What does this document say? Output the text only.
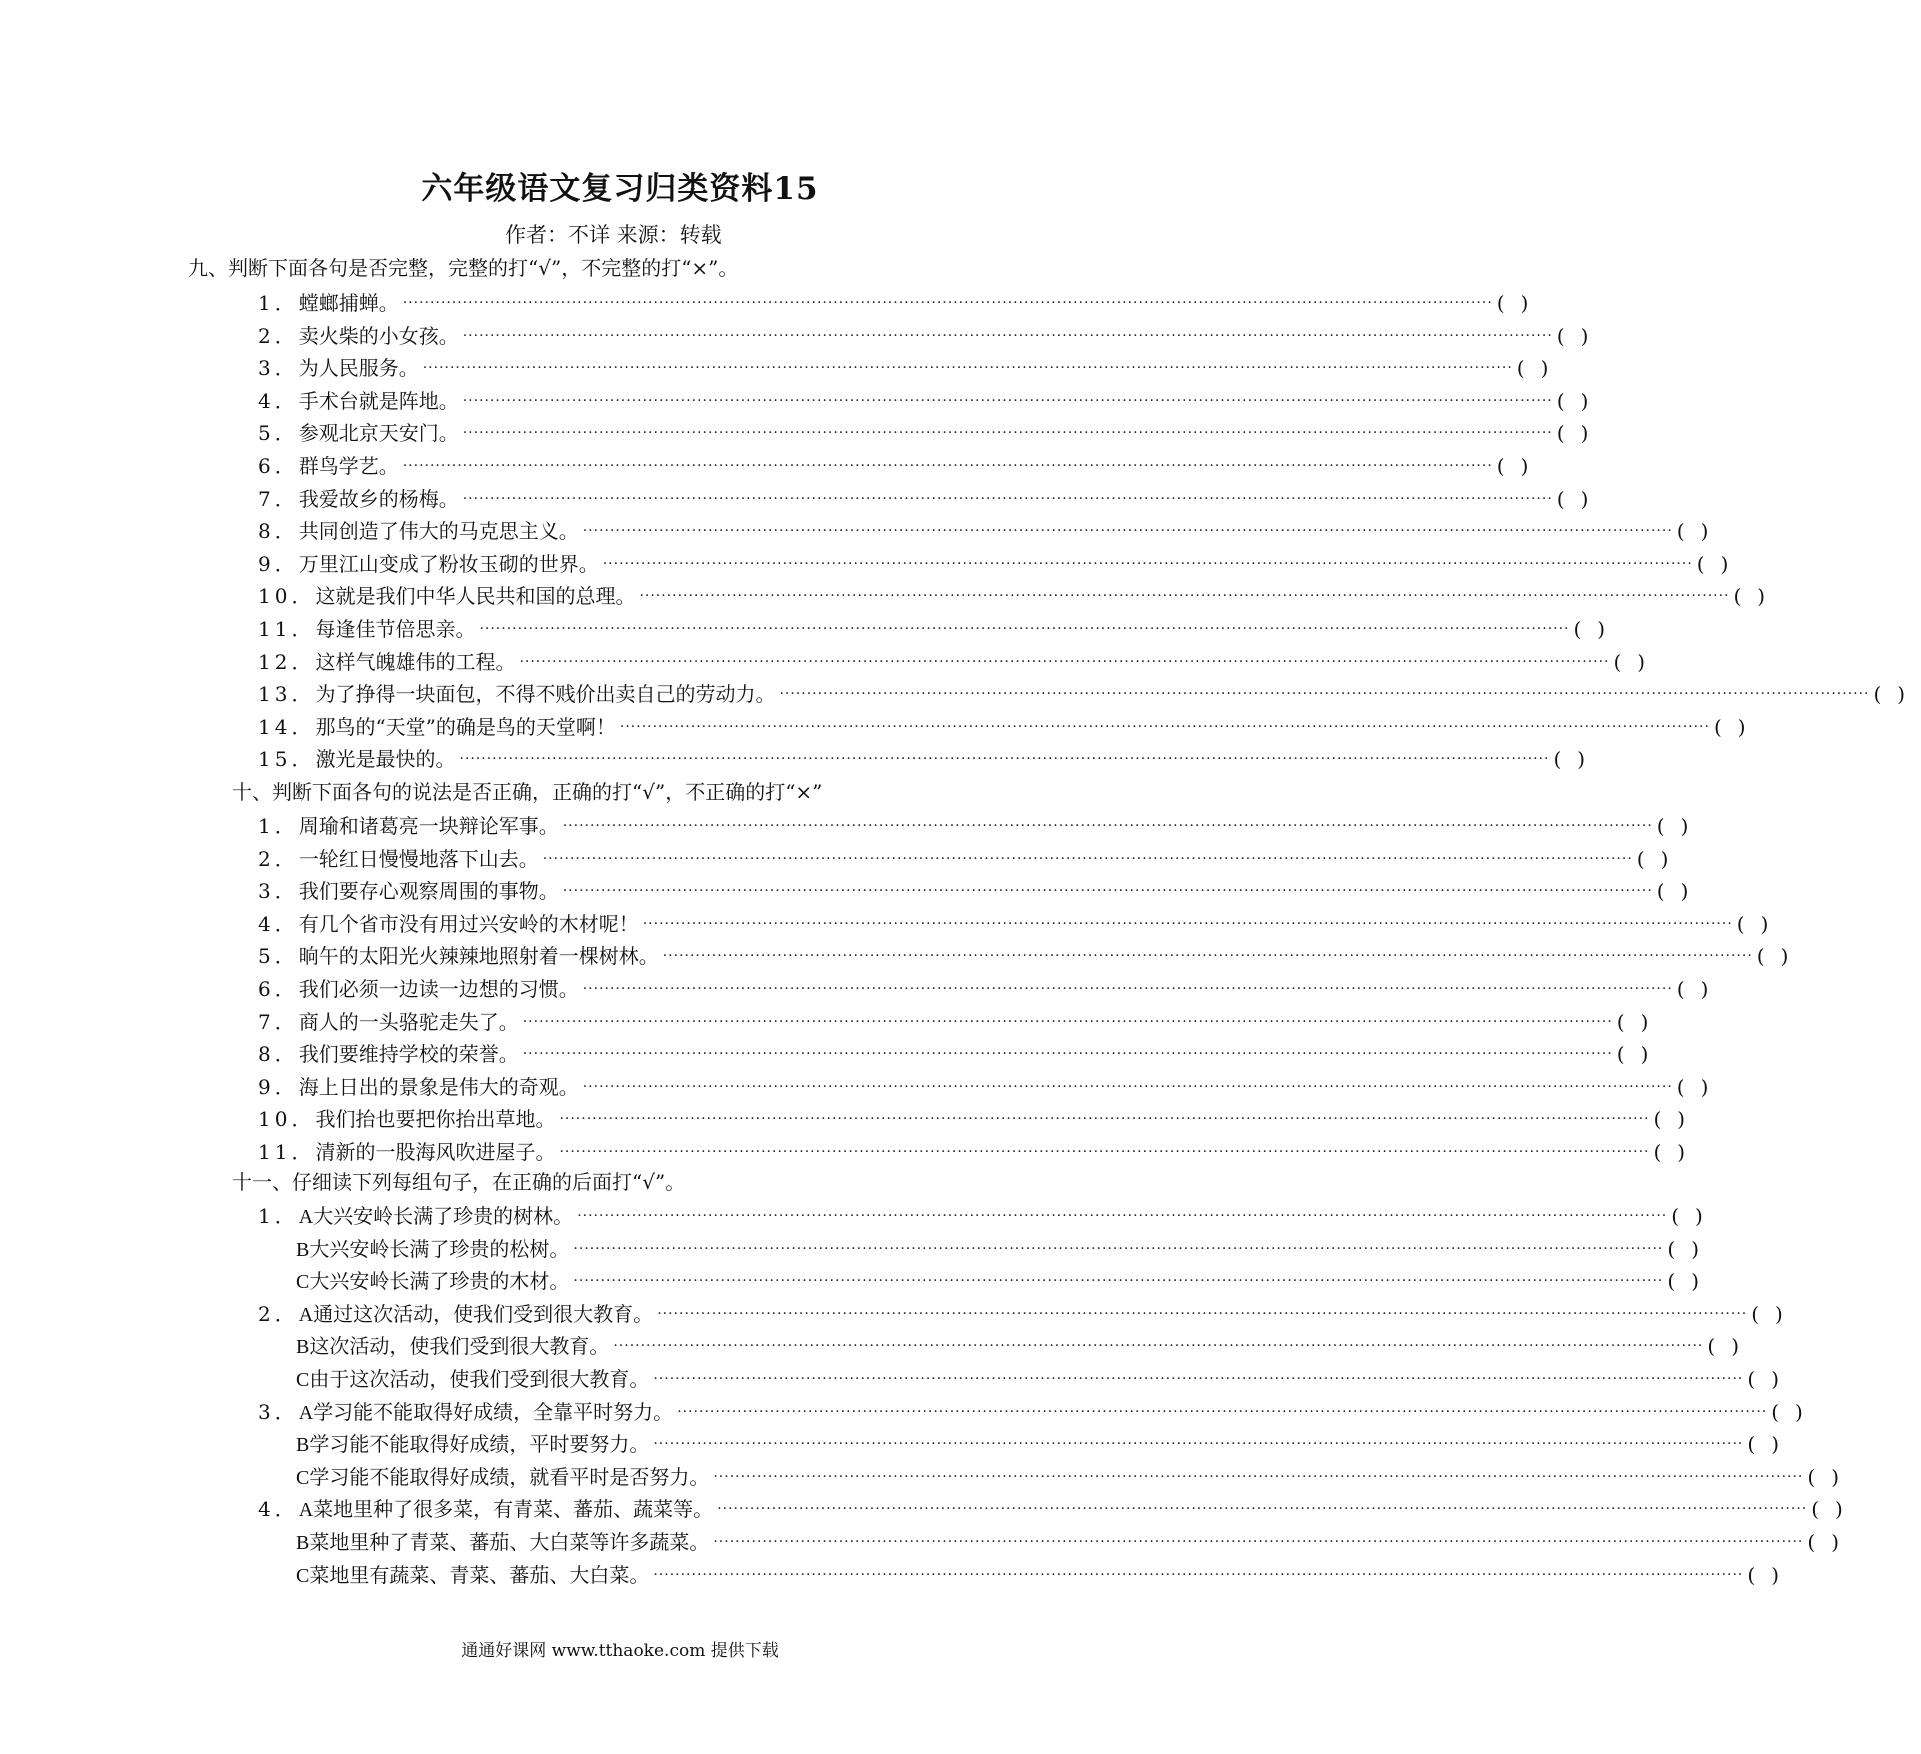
六年级语文复习归类资料15
作者：不详 来源：转载
九、判断下面各句是否完整，完整的打“√”，不完整的打“×”。
1． 螳螂捕蝉。 ········································································································································································································ ()
2． 卖火柴的小女孩。 ········································································································································································································ ()
3． 为人民服务。 ········································································································································································································ ()
4． 手术台就是阵地。 ········································································································································································································ ()
5． 参观北京天安门。 ········································································································································································································ ()
6． 群鸟学艺。 ········································································································································································································ ()
7． 我爱故乡的杨梅。 ········································································································································································································ ()
8． 共同创造了伟大的马克思主义。 ········································································································································································································ ()
9． 万里江山变成了粉妆玉砌的世界。 ········································································································································································································ ()
10． 这就是我们中华人民共和国的总理。 ········································································································································································································ ()
11． 每逢佳节倍思亲。 ········································································································································································································ ()
12． 这样气魄雄伟的工程。 ········································································································································································································ ()
13． 为了挣得一块面包，不得不贱价出卖自己的劳动力。 ········································································································································································································ ()
14． 那鸟的“天堂”的确是鸟的天堂啊！ ········································································································································································································ ()
15． 激光是最快的。 ········································································································································································································ ()
十、判断下面各句的说法是否正确，正确的打“√”，不正确的打“×”
1． 周瑜和诸葛亮一块辩论军事。 ········································································································································································································ ()
2． 一轮红日慢慢地落下山去。 ········································································································································································································ ()
3． 我们要存心观察周围的事物。 ········································································································································································································ ()
4． 有几个省市没有用过兴安岭的木材呢！ ········································································································································································································ ()
5． 晌午的太阳光火辣辣地照射着一棵树林。 ········································································································································································································ ()
6． 我们必须一边读一边想的习惯。 ········································································································································································································ ()
7． 商人的一头骆驼走失了。 ········································································································································································································ ()
8． 我们要维持学校的荣誉。 ········································································································································································································ ()
9． 海上日出的景象是伟大的奇观。 ········································································································································································································ ()
10． 我们抬也要把你抬出草地。 ········································································································································································································ ()
11． 清新的一股海风吹进屋子。 ········································································································································································································ ()
十一、仔细读下列每组句子，在正确的后面打“√”。
1． A 大兴安岭长满了珍贵的树林。 ········································································································································································································ ()
B 大兴安岭长满了珍贵的松树。 ········································································································································································································ ()
C 大兴安岭长满了珍贵的木材。 ········································································································································································································ ()
2． A 通过这次活动，使我们受到很大教育。 ········································································································································································································ ()
B 这次活动，使我们受到很大教育。 ········································································································································································································ ()
C 由于这次活动，使我们受到很大教育。 ········································································································································································································ ()
3． A 学习能不能取得好成绩，全靠平时努力。 ········································································································································································································ ()
B 学习能不能取得好成绩，平时要努力。 ········································································································································································································ ()
C 学习能不能取得好成绩，就看平时是否努力。 ········································································································································································································ ()
4． A 菜地里种了很多菜，有青菜、蕃茄、蔬菜等。 ········································································································································································································ ()
B 菜地里种了青菜、蕃茄、大白菜等许多蔬菜。 ········································································································································································································ ()
C 菜地里有蔬菜、青菜、蕃茄、大白菜。 ········································································································································································································ ()
通通好课网 www.tthaoke.com 提供下载
